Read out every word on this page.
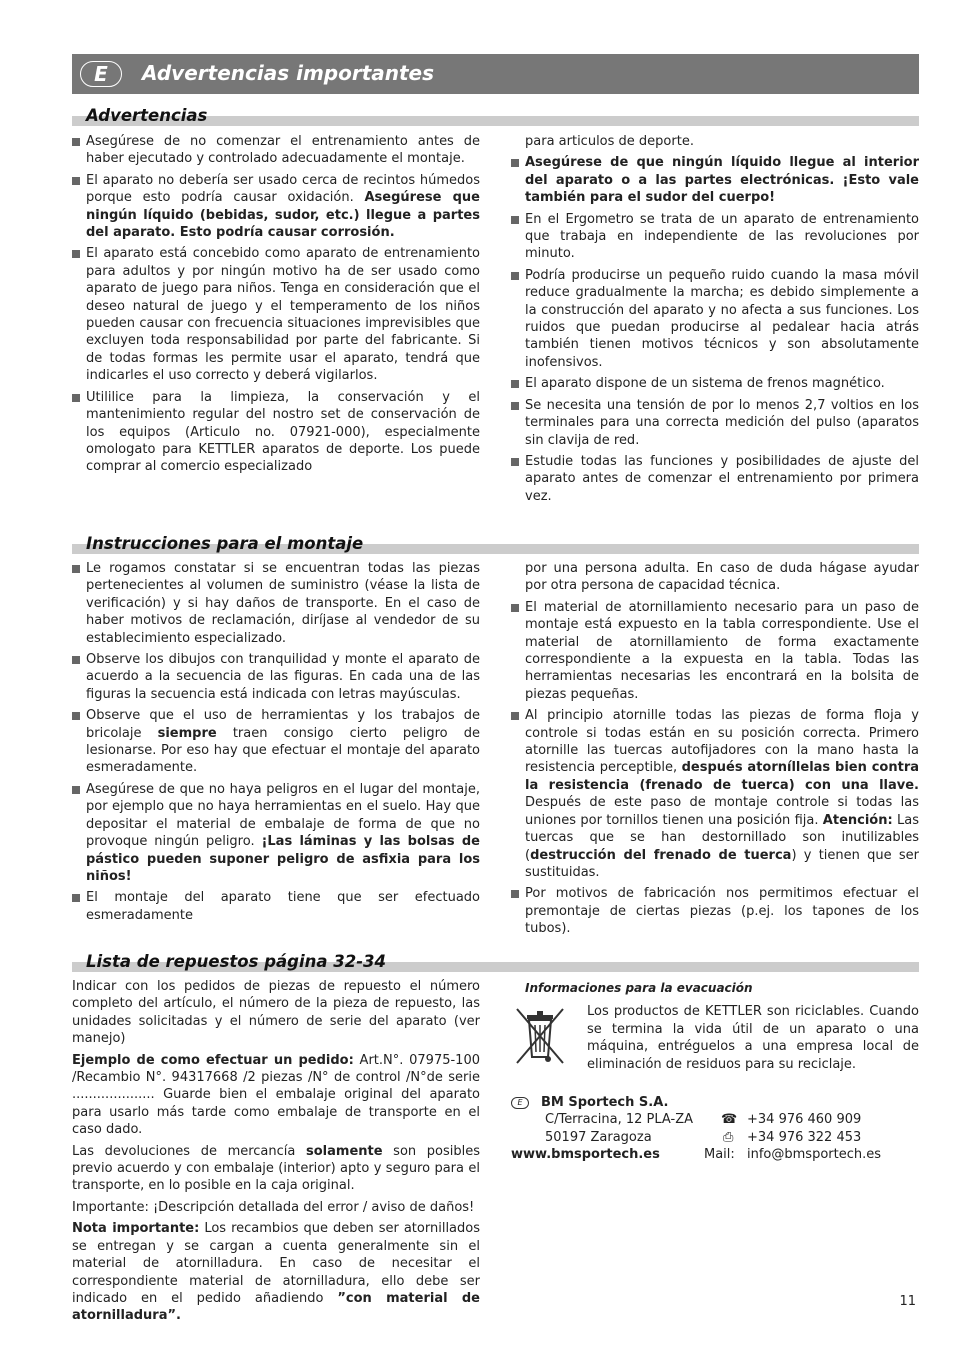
E	Advertencias importantes
Advertencias
Asegúrese de no comenzar el entrenamiento antes de haber ejecutado y controlado adecuadamente el montaje.
El aparato no debería ser usado cerca de recintos húmedos porque esto podría causar oxidación. Asegúrese que ningún líquido (bebidas, sudor, etc.) llegue a partes del aparato. Esto podría causar corrosión.
El aparato está concebido como aparato de entrenamiento para adultos y por ningún motivo ha de ser usado como aparato de juego para niños. Tenga en consideración que el deseo natural de juego y el temperamento de los niños pueden causar con frecuencia situaciones imprevisibles que excluyen toda responsabilidad por parte del fabricante. Si de todas formas les permite usar el aparato, tendrá que indicarles el uso correcto y deberá vigilarlos.
Utililice para la limpieza, la conservación y el mantenimiento regular del nostro set de conservación de los equipos (Articulo no. 07921-000), especialmente omologato para KETTLER aparatos de deporte. Los puede comprar al comercio especializado

para articulos de deporte.

Asegúrese de que ningún líquido llegue al interior del aparato o a las partes electrónicas. ¡Esto vale también para el sudor del cuerpo!
En el Ergometro se trata de un aparato de entrenamiento que trabaja en independiente de las revoluciones por minuto.
Podría producirse un pequeño ruido cuando la masa móvil reduce gradualmente la marcha; es debido simplemente a la construcción del aparato y no afecta a sus funciones. Los ruidos que puedan producirse al pedalear hacia atrás también tienen motivos técnicos y son absolutamente inofensivos.
El aparato dispone de un sistema de frenos magnético.
Se necesita una tensión de por lo menos 2,7 voltios en los terminales para una correcta medición del pulso (aparatos sin clavija de red.
Estudie todas las funciones y posibilidades de ajuste del aparato antes de comenzar el entrenamiento por primera vez.
Instrucciones para el montaje
Le rogamos constatar si se encuentran todas las piezas pertenecientes al volumen de suministro (véase la lista de verificación) y si hay daños de transporte. En el caso de haber motivos de reclamación, diríjase al vendedor de su establecimiento especializado.
Observe los dibujos con tranquilidad y monte el aparato de acuerdo a la secuencia de las figuras. En cada una de las figuras la secuencia está indicada con letras mayúsculas.
Observe que el uso de herramientas y los trabajos de bricolaje siempre traen consigo cierto peligro de lesionarse. Por eso hay que efectuar el montaje del aparato esmeradamente.
Asegúrese de que no haya peligros en el lugar del montaje, por ejemplo que no haya herramientas en el suelo. Hay que depositar el material de embalaje de forma de que no provoque ningún peligro. ¡Las láminas y las bolsas de pástico pueden suponer peligro de asfixia para los niños!
El montaje del aparato tiene que ser efectuado esmeradamente

por una persona adulta. En caso de duda hágase ayudar por otra persona de capacidad técnica.

El material de atornillamiento necesario para un paso de montaje está expuesto en la tabla correspondiente. Use el material de atornillamiento de forma exactamente correspondiente a la expuesta en la tabla. Todas las herramientas necesarias les encontrará en la bolsita de piezas pequeñas.
Al principio atornille todas las piezas de forma floja y controle si todas están en su posición correcta. Primero atornille las tuercas autofijadores con la mano hasta la resistencia perceptible, después atorníllelas bien contra la resistencia (frenado de tuerca) con una llave. Después de este paso de montaje controle si todas las uniones por tornillos tienen una posición fija. Atención: Las tuercas que se han destornillado son inutilizables (destrucción del frenado de tuerca) y tienen que ser sustituidas.
Por motivos de fabricación nos permitimos efectuar el premontaje de ciertas piezas (p.ej. los tapones de los tubos).
Lista de repuestos página 32-34
Indicar con los pedidos de piezas de repuesto el número completo del artículo, el número de la pieza de repuesto, las unidades solicitadas y el número de serie del aparato (ver manejo)
Ejemplo de como efectuar un pedido: Art.N°. 07975-100 /Recambio N°. 94317668 /2 piezas /N° de control /N°de serie .................... Guarde bien el embalaje original del aparato para usarlo más tarde como embalaje de transporte en el caso dado.
Las devoluciones de mercancía solamente son posibles previo acuerdo y con embalaje (interior) apto y seguro para el transporte, en lo posible en la caja original.
Importante: ¡Descripción detallada del error / aviso de daños!
Nota importante: Los recambios que deben ser atornillados se entregan y se cargan a cuenta generalmente sin el material de atornilladura. En caso de necesitar el correspondiente material de atornilladura, ello debe ser indicado en el pedido añadiendo ”con material de atornilladura”.
Informaciones para la evacuación
Los productos de KETTLER son riciclables. Cuando se termina la vida útil de un aparato o una máquina, entréguelos a una empresa local de eliminación de residuos para su reciclaje.
E BM Sportech S.A.
C/Terracina, 12 PLA-ZA ☎ +34 976 460 909
50197 Zaragoza	⎙ +34 976 322 453
www.bmsportech.es	Mail: info@bmsportech.es
11
